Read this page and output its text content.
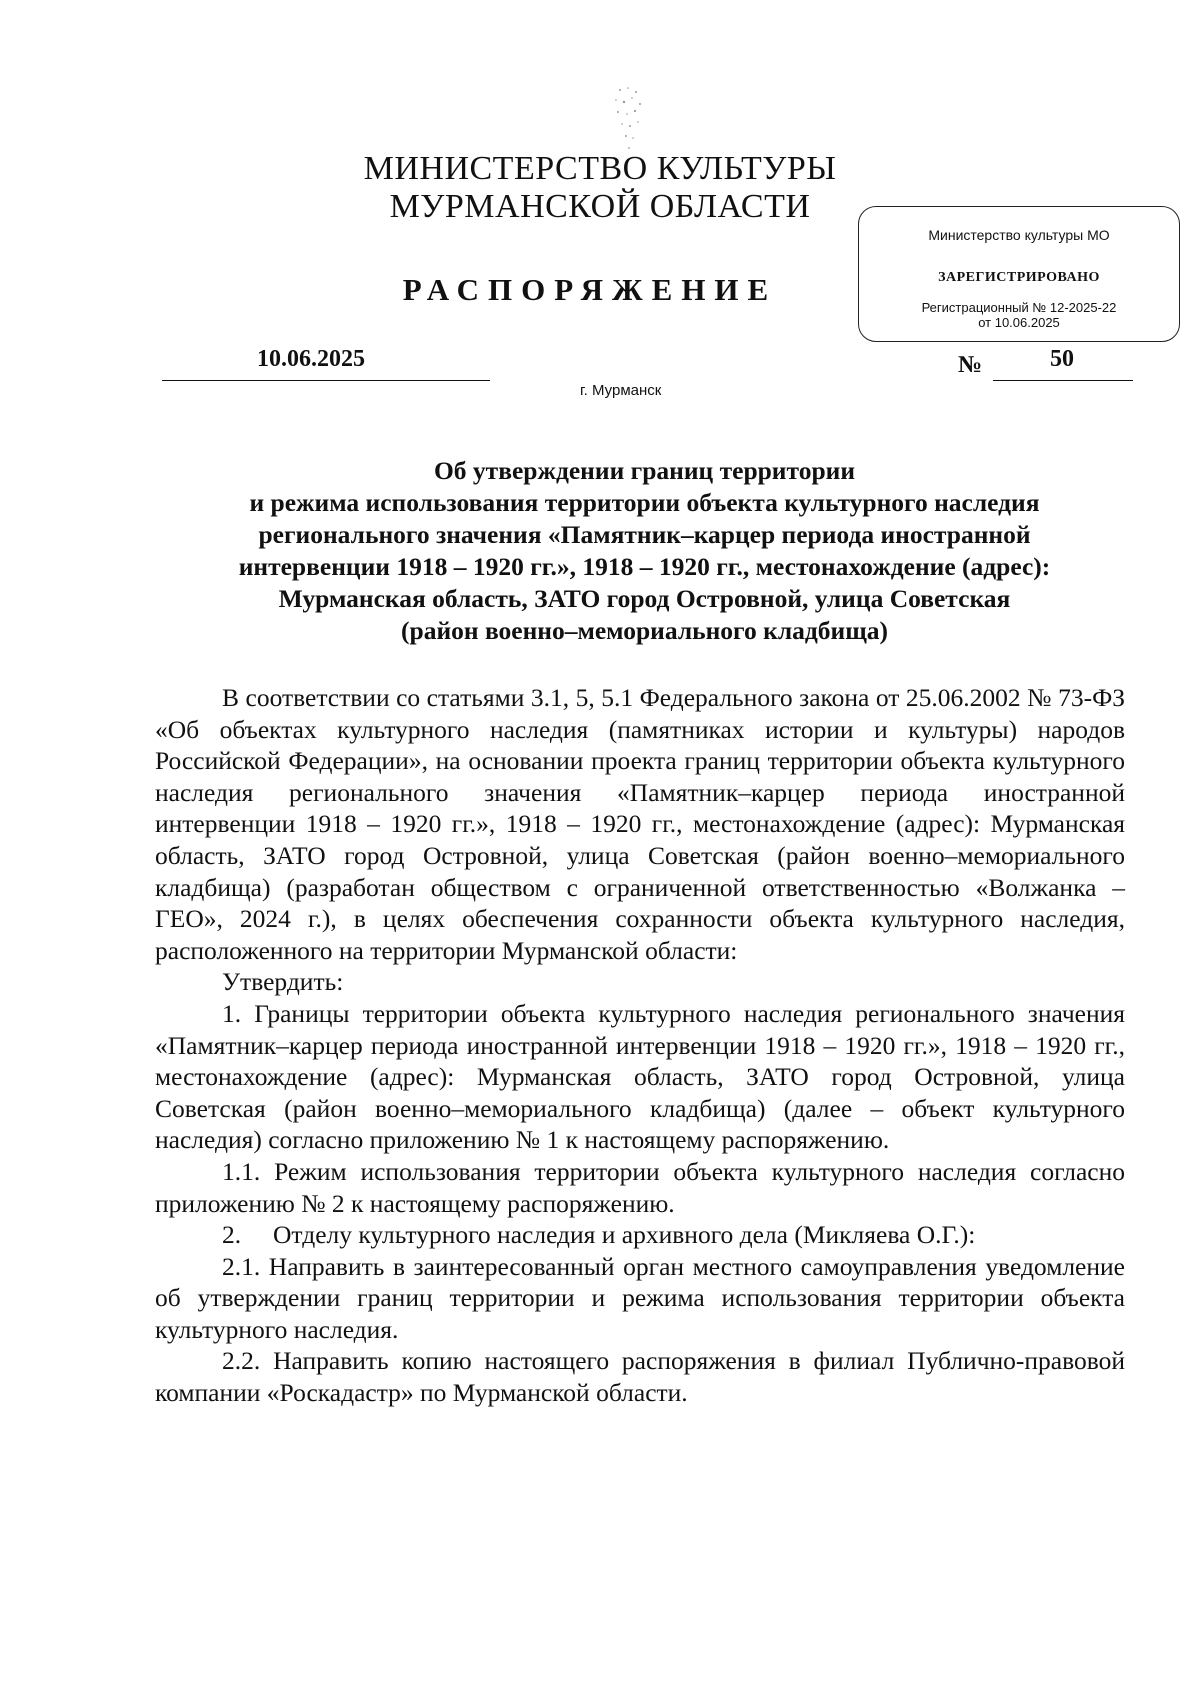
МИНИСТЕРСТВО КУЛЬТУРЫ
МУРМАНСКОЙ ОБЛАСТИ
РАСПОРЯЖЕНИЕ
Министерство культуры МО
ЗАРЕГИСТРИРОВАНО
Регистрационный № 12-2025-22
от 10.06.2025
10.06.2025	№	50
г. Мурманск
Об утверждении границ территории
и режима использования территории объекта культурного наследия
регионального значения «Памятник–карцер периода иностранной
интервенции 1918 – 1920 гг.», 1918 – 1920 гг., местонахождение (адрес):
Мурманская область, ЗАТО город Островной, улица Советская
(район военно–мемориального кладбища)

В соответствии со статьями 3.1, 5, 5.1 Федерального закона от 25.06.2002 № 73-ФЗ «Об объектах культурного наследия (памятниках истории и культуры) народов Российской Федерации», на основании проекта границ территории объекта культурного наследия регионального значения «Памятник–карцер периода иностранной интервенции 1918 – 1920 гг.», 1918 – 1920 гг., местонахождение (адрес): Мурманская область, ЗАТО город Островной, улица Советская (район военно–мемориального кладбища) (разработан обществом с ограниченной ответственностью «Волжанка – ГЕО», 2024 г.), в целях обеспечения сохранности объекта культурного наследия, расположенного на территории Мурманской области:

Утвердить:

1. Границы территории объекта культурного наследия регионального значения «Памятник–карцер периода иностранной интервенции 1918 – 1920 гг.», 1918 – 1920 гг., местонахождение (адрес): Мурманская область, ЗАТО город Островной, улица Советская (район военно–мемориального кладбища) (далее – объект культурного наследия) согласно приложению № 1 к настоящему распоряжению.

1.1. Режим использования территории объекта культурного наследия согласно приложению № 2 к настоящему распоряжению.

2.     Отделу культурного наследия и архивного дела (Микляева О.Г.):

2.1. Направить в заинтересованный орган местного самоуправления уведомление об утверждении границ территории и режима использования территории объекта культурного наследия.

2.2. Направить копию настоящего распоряжения в филиал Публично-правовой компании «Роскадастр» по Мурманской области.
